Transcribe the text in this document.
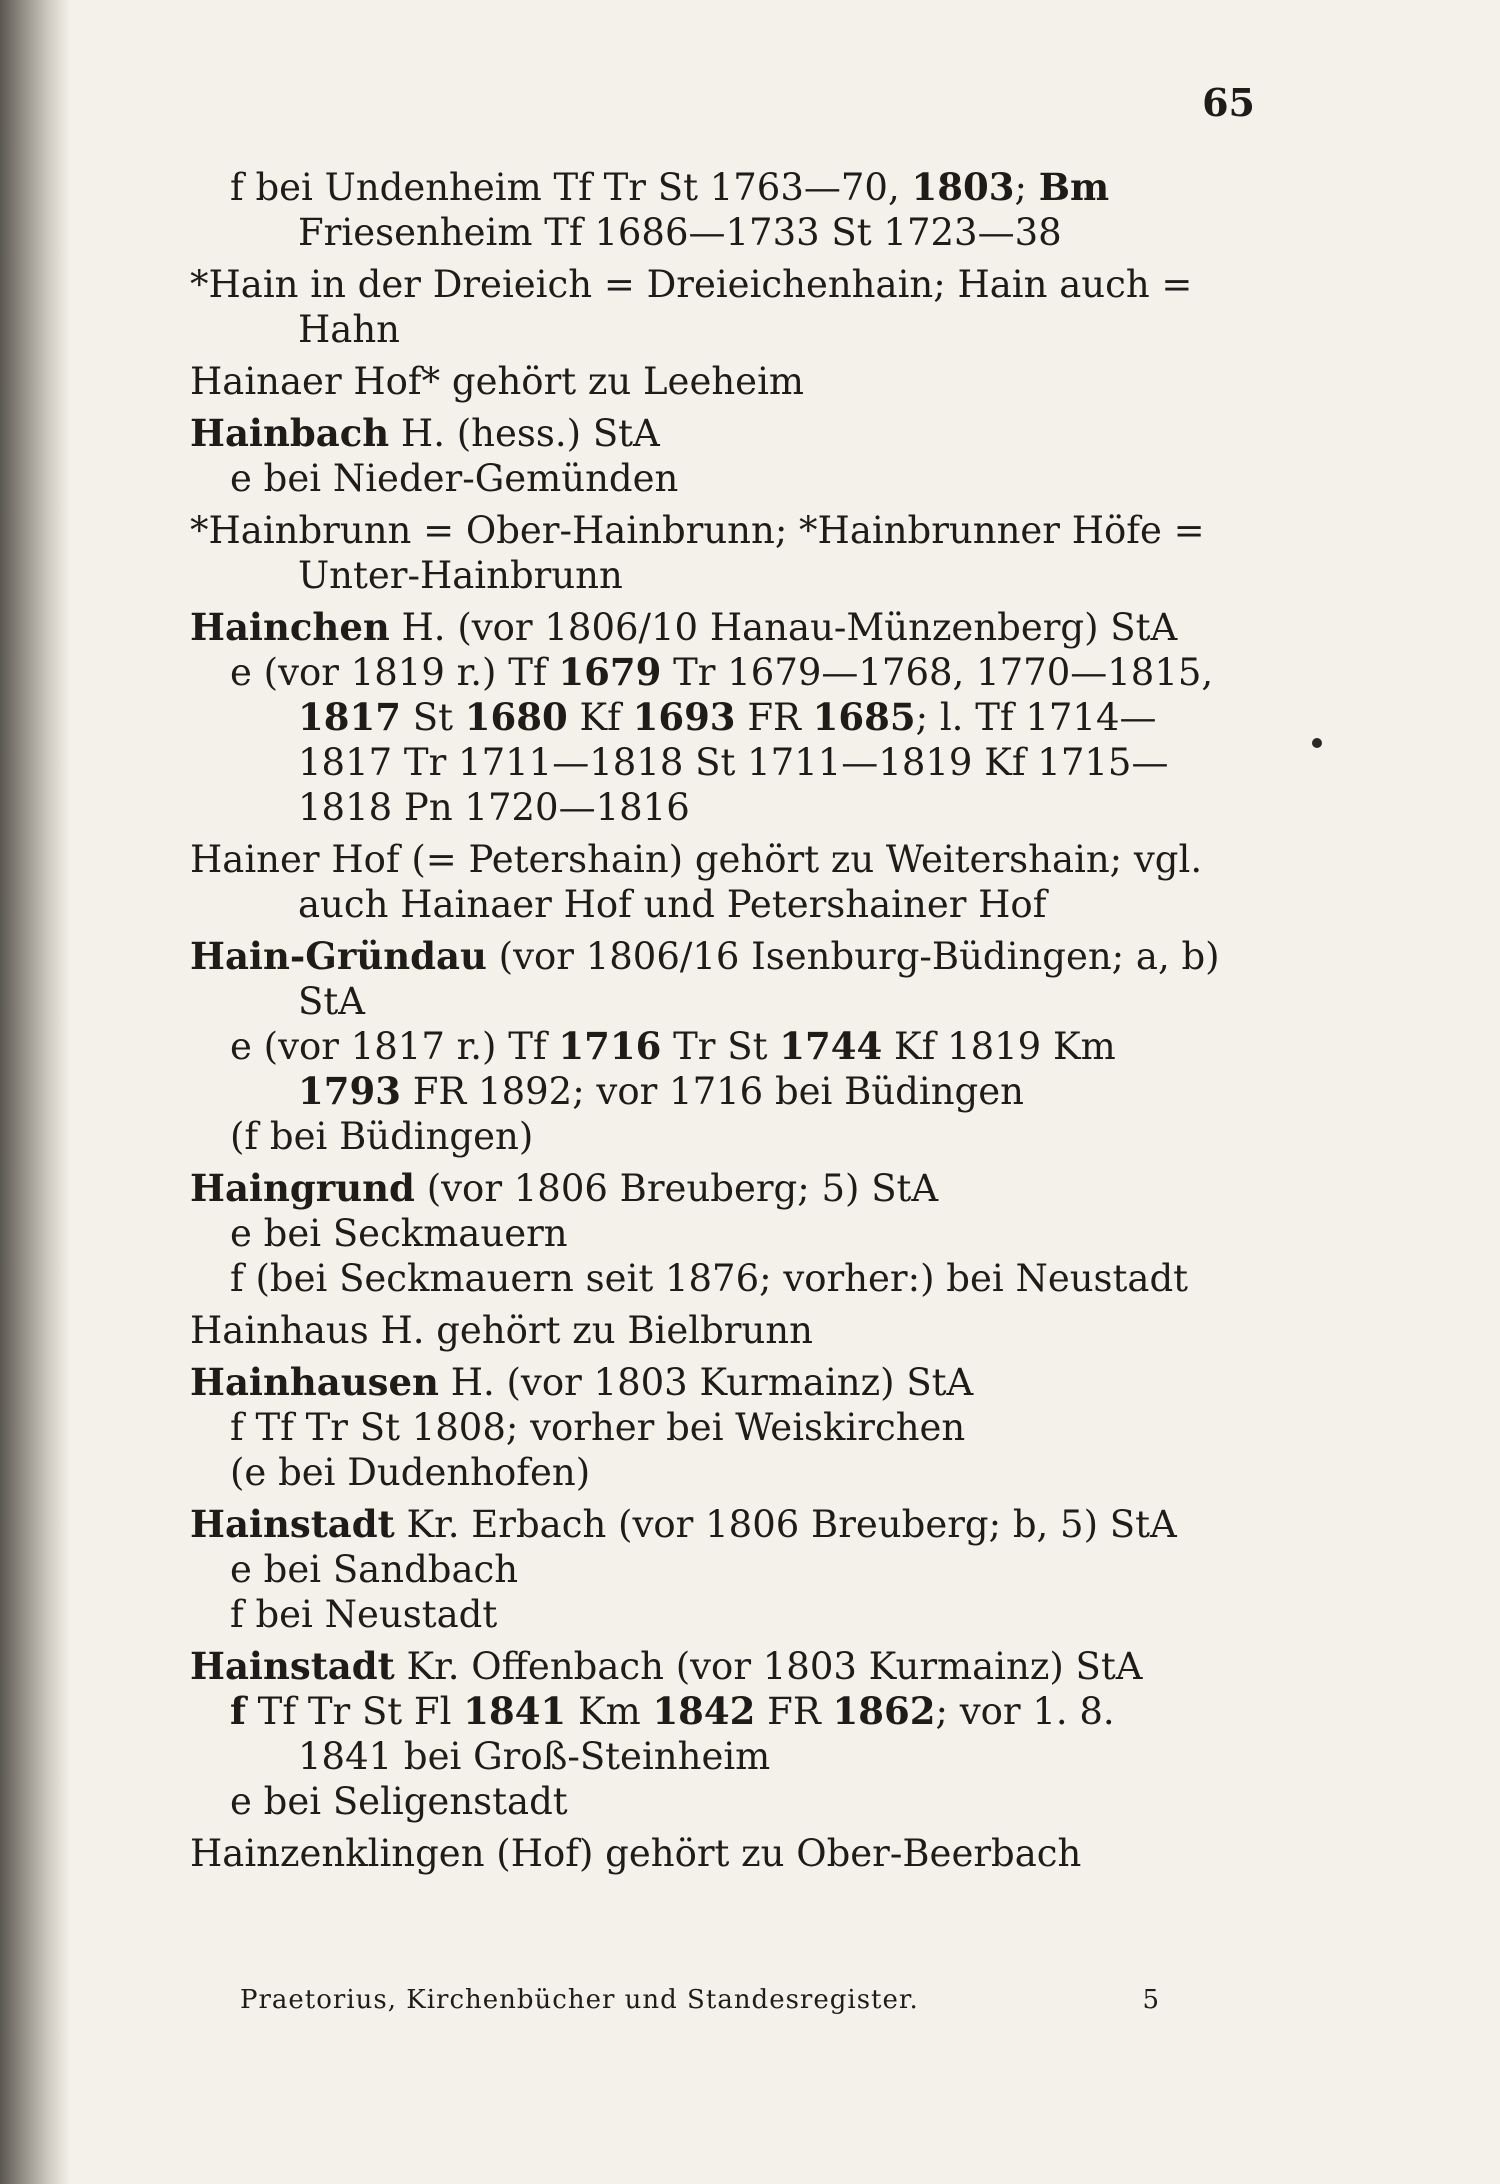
65
f bei Undenheim Tf Tr St 1763—70, 1803; Bm
Friesenheim Tf 1686—1733 St 1723—38
*Hain in der Dreieich = Dreieichenhain; Hain auch =
Hahn
Hainaer Hof* gehört zu Leeheim
Hainbach H. (hess.) StA
e bei Nieder-Gemünden
*Hainbrunn = Ober-Hainbrunn; *Hainbrunner Höfe =
Unter-Hainbrunn
Hainchen H. (vor 1806/10 Hanau-Münzenberg) StA
e (vor 1819 r.) Tf 1679 Tr 1679—1768, 1770—1815,
1817 St 1680 Kf 1693 FR 1685; l. Tf 1714—
1817 Tr 1711—1818 St 1711—1819 Kf 1715—
1818 Pn 1720—1816
Hainer Hof (= Petershain) gehört zu Weitershain; vgl.
auch Hainaer Hof und Petershainer Hof
Hain-Gründau (vor 1806/16 Isenburg-Büdingen; a, b)
StA
e (vor 1817 r.) Tf 1716 Tr St 1744 Kf 1819 Km
1793 FR 1892; vor 1716 bei Büdingen
(f bei Büdingen)
Haingrund (vor 1806 Breuberg; 5) StA
e bei Seckmauern
f (bei Seckmauern seit 1876; vorher:) bei Neustadt
Hainhaus H. gehört zu Bielbrunn
Hainhausen H. (vor 1803 Kurmainz) StA
f Tf Tr St 1808; vorher bei Weiskirchen
(e bei Dudenhofen)
Hainstadt Kr. Erbach (vor 1806 Breuberg; b, 5) StA
e bei Sandbach
f bei Neustadt
Hainstadt Kr. Offenbach (vor 1803 Kurmainz) StA
f Tf Tr St Fl 1841 Km 1842 FR 1862; vor 1. 8.
1841 bei Groß-Steinheim
e bei Seligenstadt
Hainzenklingen (Hof) gehört zu Ober-Beerbach
Praetorius, Kirchenbücher und Standesregister.	5
